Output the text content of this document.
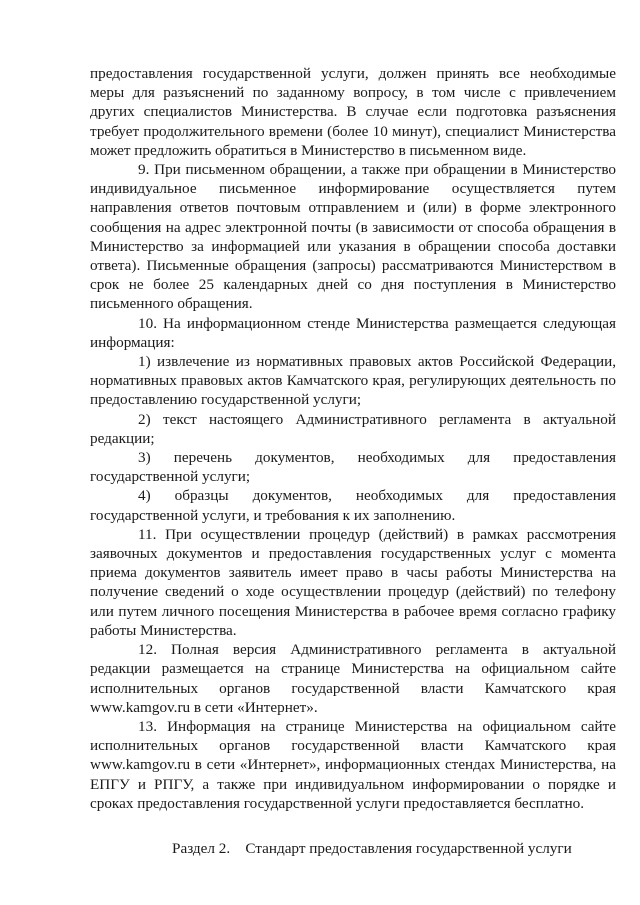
предоставления государственной услуги, должен принять все необходимые меры для разъяснений по заданному вопросу, в том числе с привлечением других специалистов Министерства. В случае если подготовка разъяснения требует продолжительного времени (более 10 минут), специалист Министерства может предложить обратиться в Министерство в письменном виде.

9. При письменном обращении, а также при обращении в Министерство индивидуальное письменное информирование осуществляется путем направления ответов почтовым отправлением и (или) в форме электронного сообщения на адрес электронной почты (в зависимости от способа обращения в Министерство за информацией или указания в обращении способа доставки ответа). Письменные обращения (запросы) рассматриваются Министерством в срок не более 25 календарных дней со дня поступления в Министерство письменного обращения.

10. На информационном стенде Министерства размещается следующая информация:

1) извлечение из нормативных правовых актов Российской Федерации, нормативных правовых актов Камчатского края, регулирующих деятельность по предоставлению государственной услуги;

2) текст настоящего Административного регламента в актуальной редакции;

3) перечень документов, необходимых для предоставления государственной услуги;

4) образцы документов, необходимых для предоставления государственной услуги, и требования к их заполнению.

11. При осуществлении процедур (действий) в рамках рассмотрения заявочных документов и предоставления государственных услуг с момента приема документов заявитель имеет право в часы работы Министерства на получение сведений о ходе осуществлении процедур (действий) по телефону или путем личного посещения Министерства в рабочее время согласно графику работы Министерства.

12. Полная версия Административного регламента в актуальной редакции размещается на странице Министерства на официальном сайте исполнительных органов государственной власти Камчатского края www.kamgov.ru в сети «Интернет».

13. Информация на странице Министерства на официальном сайте исполнительных органов государственной власти Камчатского края www.kamgov.ru в сети «Интернет», информационных стендах Министерства, на ЕПГУ и РПГУ, а также при индивидуальном информировании о порядке и сроках предоставления государственной услуги предоставляется бесплатно.

Раздел 2. Стандарт предоставления государственной услуги
